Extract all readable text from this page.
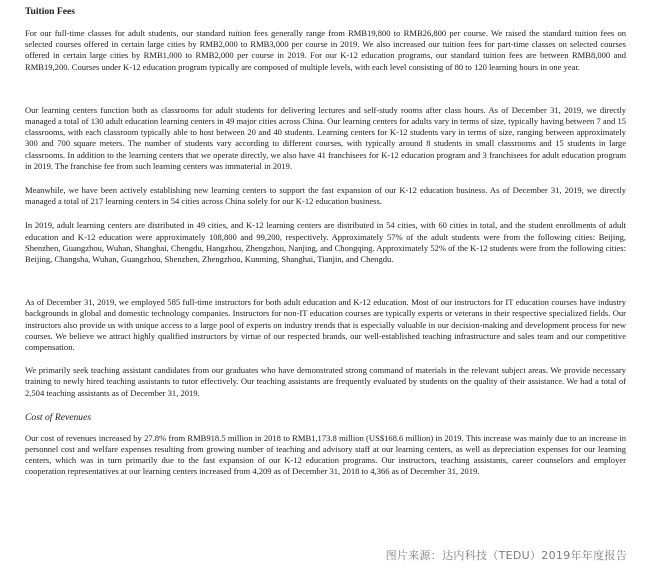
Tuition Fees

For our full-time classes for adult students, our standard tuition fees generally range from RMB19,800 to RMB26,800 per course. We raised the standard tuition fees on selected courses offered in certain large cities by RMB2,000 to RMB3,000 per course in 2019. We also increased our tuition fees for part-time classes on selected courses offered in certain large cities by RMB1,000 to RMB2,000 per course in 2019. For our K-12 education programs, our standard tuition fees are between RMB8,000 and RMB19,200. Courses under K-12 education program typically are composed of multiple levels, with each level consisting of 80 to 120 learning hours in one year.

Our learning centers function both as classrooms for adult students for delivering lectures and self-study rooms after class hours. As of December 31, 2019, we directly managed a total of 130 adult education learning centers in 49 major cities across China. Our learning centers for adults vary in terms of size, typically having between 7 and 15 classrooms, with each classroom typically able to host between 20 and 40 students. Learning centers for K-12 students vary in terms of size, ranging between approximately 300 and 700 square meters. The number of students vary according to different courses, with typically around 8 students in small classrooms and 15 students in large classrooms. In addition to the learning centers that we operate directly, we also have 41 franchisees for K-12 education program and 3 franchisees for adult education program in 2019. The franchise fee from such learning centers was immaterial in 2019.

Meanwhile, we have been actively establishing new learning centers to support the fast expansion of our K-12 education business. As of December 31, 2019, we directly managed a total of 217 learning centers in 54 cities across China solely for our K-12 education business.

In 2019, adult learning centers are distributed in 49 cities, and K-12 learning centers are distributed in 54 cities, with 60 cities in total, and the student enrollments of adult education and K-12 education were approximately 108,800 and 99,200, respectively. Approximately 57% of the adult students were from the following cities: Beijing, Shenzhen, Guangzhou, Wuhan, Shanghai, Chengdu, Hangzhou, Zhengzhou, Nanjing, and Chongqing. Approximately 52% of the K-12 students were from the following cities: Beijing, Changsha, Wuhan, Guangzhou, Shenzhen, Zhengzhou, Kunming, Shanghai, Tianjin, and Chengdu.

As of December 31, 2019, we employed 585 full-time instructors for both adult education and K-12 education. Most of our instructors for IT education courses have industry backgrounds in global and domestic technology companies. Instructors for non-IT education courses are typically experts or veterans in their respective specialized fields. Our instructors also provide us with unique access to a large pool of experts on industry trends that is especially valuable in our decision-making and development process for new courses. We believe we attract highly qualified instructors by virtue of our respected brands, our well-established teaching infrastructure and sales team and our competitive compensation.

We primarily seek teaching assistant candidates from our graduates who have demonstrated strong command of materials in the relevant subject areas. We provide necessary training to newly hired teaching assistants to tutor effectively. Our teaching assistants are frequently evaluated by students on the quality of their assistance. We had a total of 2,504 teaching assistants as of December 31, 2019.

Cost of Revenues

Our cost of revenues increased by 27.8% from RMB918.5 million in 2018 to RMB1,173.8 million (US$168.6 million) in 2019. This increase was mainly due to an increase in personnel cost and welfare expenses resulting from growing number of teaching and advisory staff at our learning centers, as well as depreciation expenses for our learning centers, which was in turn primarily due to the fast expansion of our K-12 education programs. Our instructors, teaching assistants, career counselors and employer cooperation representatives at our learning centers increased from 4,209 as of December 31, 2018 to 4,366 as of December 31, 2019.

图片来源：达内科技（TEDU）2019年年度报告
